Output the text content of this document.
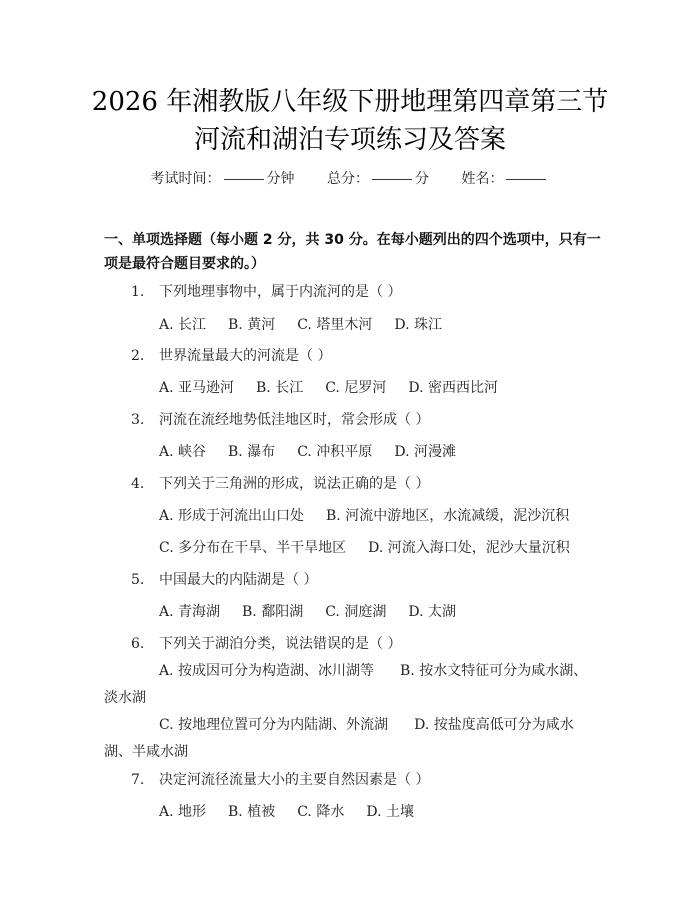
2026 年湘教版八年级下册地理第四章第三节
河流和湖泊专项练习及答案
考试时间：	分钟 总分：	分 姓名：
一、单项选择题（每小题 2 分，共 30 分。在每小题列出的四个选项中，只有一项是最符合题目要求的。）
1. 下列地理事物中，属于内流河的是（ ）
A. 长江 B. 黄河 C. 塔里木河 D. 珠江
2. 世界流量最大的河流是（ ）
A. 亚马逊河 B. 长江 C. 尼罗河 D. 密西西比河
3. 河流在流经地势低洼地区时，常会形成（ ）
A. 峡谷 B. 瀑布 C. 冲积平原 D. 河漫滩
4. 下列关于三角洲的形成，说法正确的是（ ）
A. 形成于河流出山口处 B. 河流中游地区，水流减缓，泥沙沉积
C. 多分布在干旱、半干旱地区 D. 河流入海口处，泥沙大量沉积
5. 中国最大的内陆湖是（ ）
A. 青海湖 B. 鄱阳湖 C. 洞庭湖 D. 太湖
6. 下列关于湖泊分类，说法错误的是（ ）
A. 按成因可分为构造湖、冰川湖等 B. 按水文特征可分为咸水湖、淡水湖
C. 按地理位置可分为内陆湖、外流湖 D. 按盐度高低可分为咸水湖、半咸水湖
7. 决定河流径流量大小的主要自然因素是（ ）
A. 地形 B. 植被 C. 降水 D. 土壤
